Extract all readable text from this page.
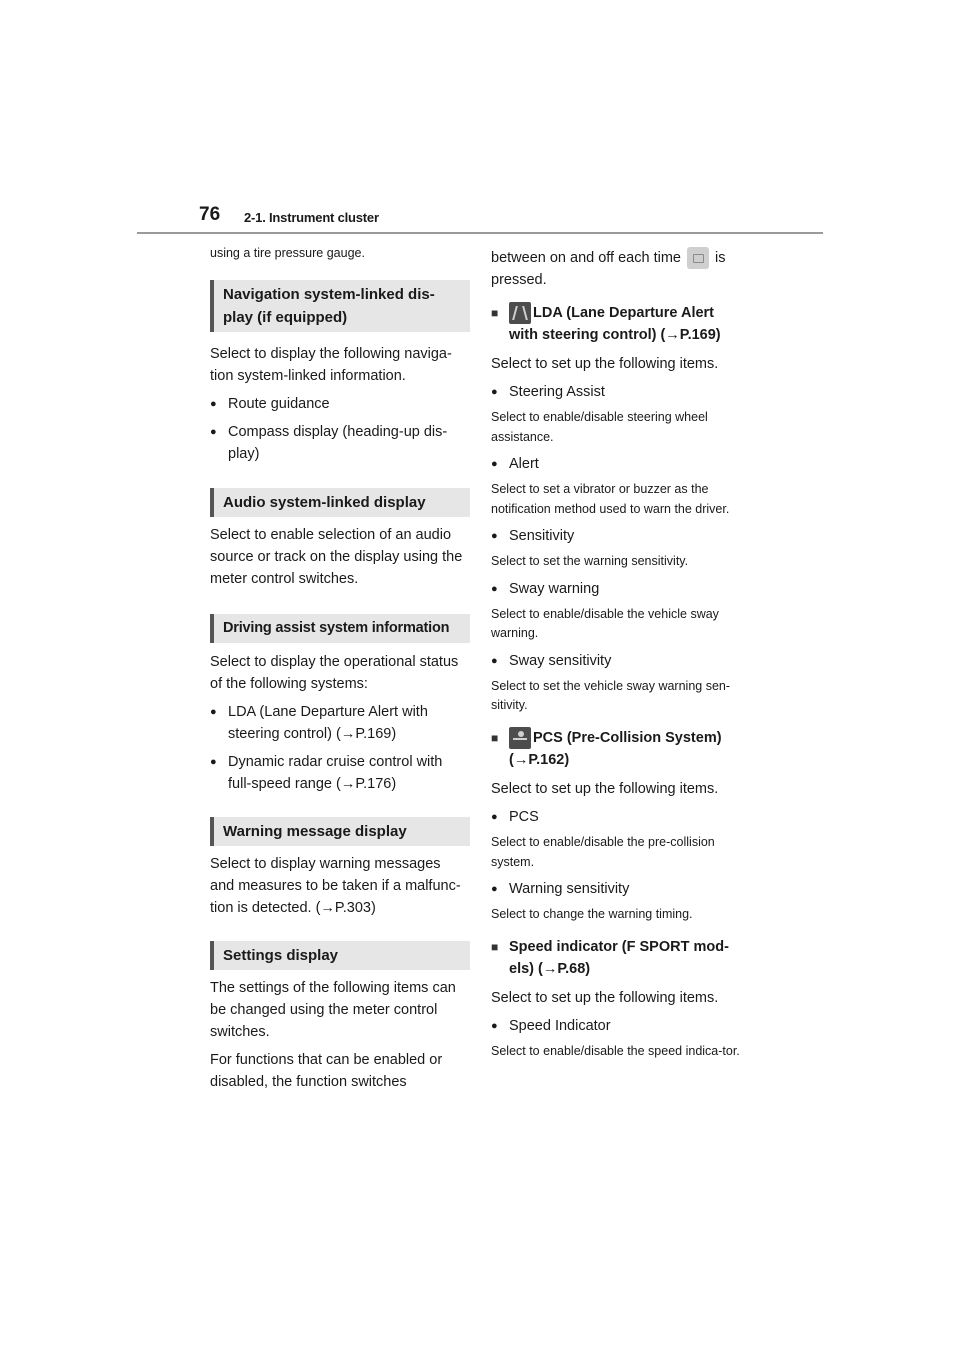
76 2-1. Instrument cluster

using a tire pressure gauge.

Navigation system-linked dis-play (if equipped)

Select to display the following naviga-tion system-linked information.

● Route guidance
● Compass display (heading-up dis-play)
Audio system-linked display

Select to enable selection of an audio source or track on the display using the meter control switches.

Driving assist system information

Select to display the operational status of the following systems:

● LDA (Lane Departure Alert with steering control) (→P.169)
● Dynamic radar cruise control with full-speed range (→P.176)
Warning message display

Select to display warning messages and measures to be taken if a malfunc-tion is detected. (→P.303)

Settings display

The settings of the following items can be changed using the meter control switches.

For functions that can be enabled or disabled, the function switches

between on and off each time is pressed.

■	LDA (Lane Departure Alert with steering control) (→P.169)

Select to set up the following items.

● Steering Assist

Select to enable/disable steering wheel assistance.

● Alert

Select to set a vibrator or buzzer as the notification method used to warn the driver.

● Sensitivity

Select to set the warning sensitivity.

● Sway warning

Select to enable/disable the vehicle sway warning.

● Sway sensitivity

Select to set the vehicle sway warning sen-sitivity.

■	PCS (Pre-Collision System) (→P.162)

Select to set up the following items.

● PCS

Select to enable/disable the pre-collision system.

● Warning sensitivity

Select to change the warning timing.

■ Speed indicator (F SPORT mod-els) (→P.68)

Select to set up the following items.

● Speed Indicator

Select to enable/disable the speed indica-tor.
